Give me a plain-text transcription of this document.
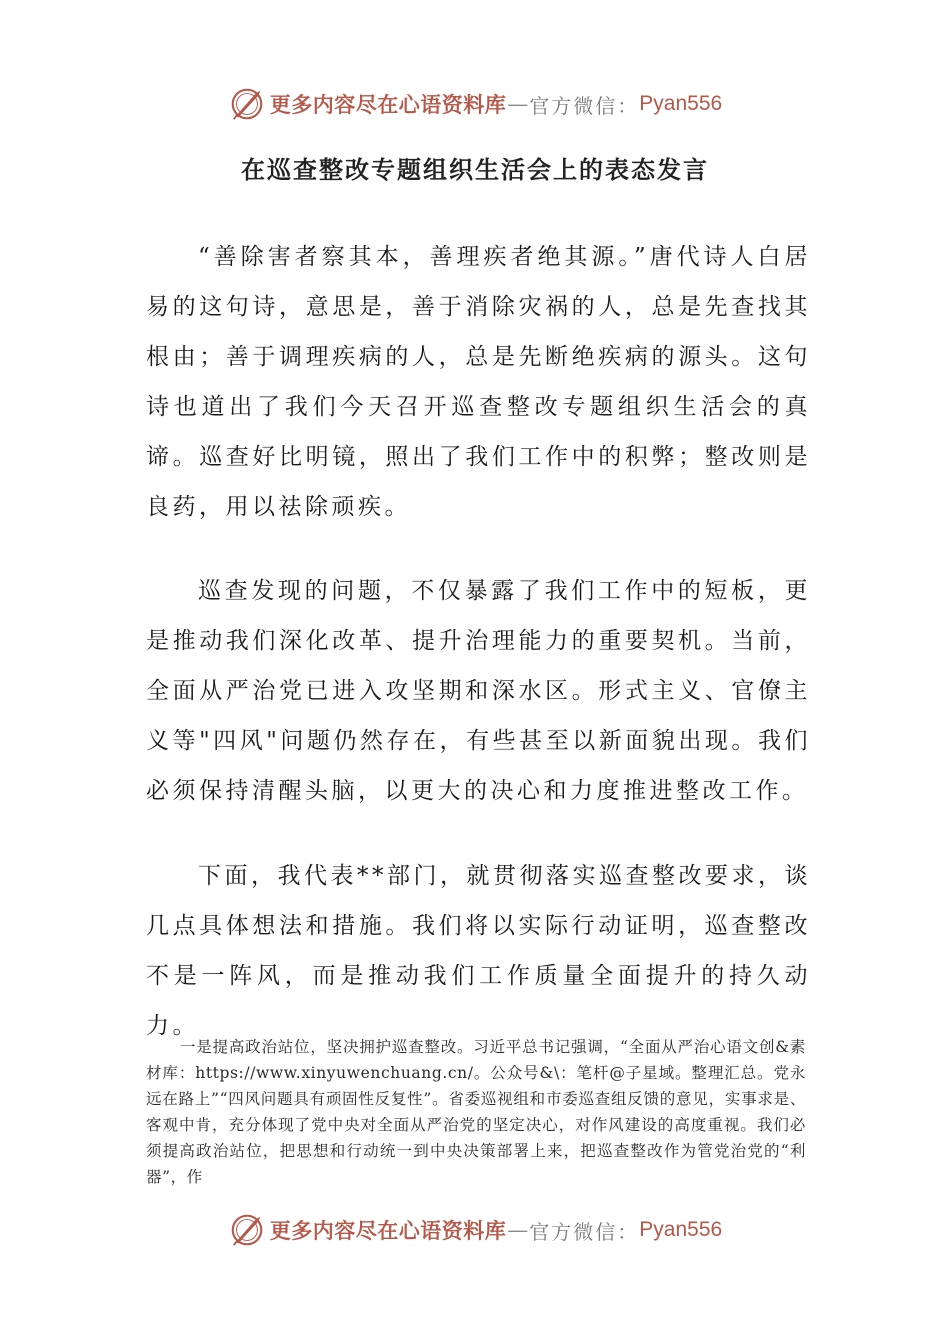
更多内容尽在心语资料库 — 官方微信： Pyan556
在巡查整改专题组织生活会上的表态发言

“善除害者察其本，善理疾者绝其源。”唐代诗人白居易的这句诗，意思是，善于消除灾祸的人，总是先查找其根由；善于调理疾病的人，总是先断绝疾病的源头。这句诗也道出了我们今天召开巡查整改专题组织生活会的真谛。巡查好比明镜，照出了我们工作中的积弊；整改则是良药，用以祛除顽疾。

巡查发现的问题，不仅暴露了我们工作中的短板，更是推动我们深化改革、提升治理能力的重要契机。当前，全面从严治党已进入攻坚期和深水区。形式主义、官僚主义等"四风"问题仍然存在，有些甚至以新面貌出现。我们必须保持清醒头脑，以更大的决心和力度推进整改工作。

下面，我代表**部门，就贯彻落实巡查整改要求，谈几点具体想法和措施。我们将以实际行动证明，巡查整改不是一阵风，而是推动我们工作质量全面提升的持久动力。

一是提高政治站位，坚决拥护巡查整改。习近平总书记强调，“全面从严治心语文创&素材库：https://www.xinyuwenchuang.cn/。公众号&\：笔杆@子星域。整理汇总。党永远在路上”“四风问题具有顽固性反复性”。省委巡视组和市委巡查组反馈的意见，实事求是、客观中肯，充分体现了党中央对全面从严治党的坚定决心，对作风建设的高度重视。我们必须提高政治站位，把思想和行动统一到中央决策部署上来，把巡查整改作为管党治党的“利器”，作

更多内容尽在心语资料库 — 官方微信： Pyan556
